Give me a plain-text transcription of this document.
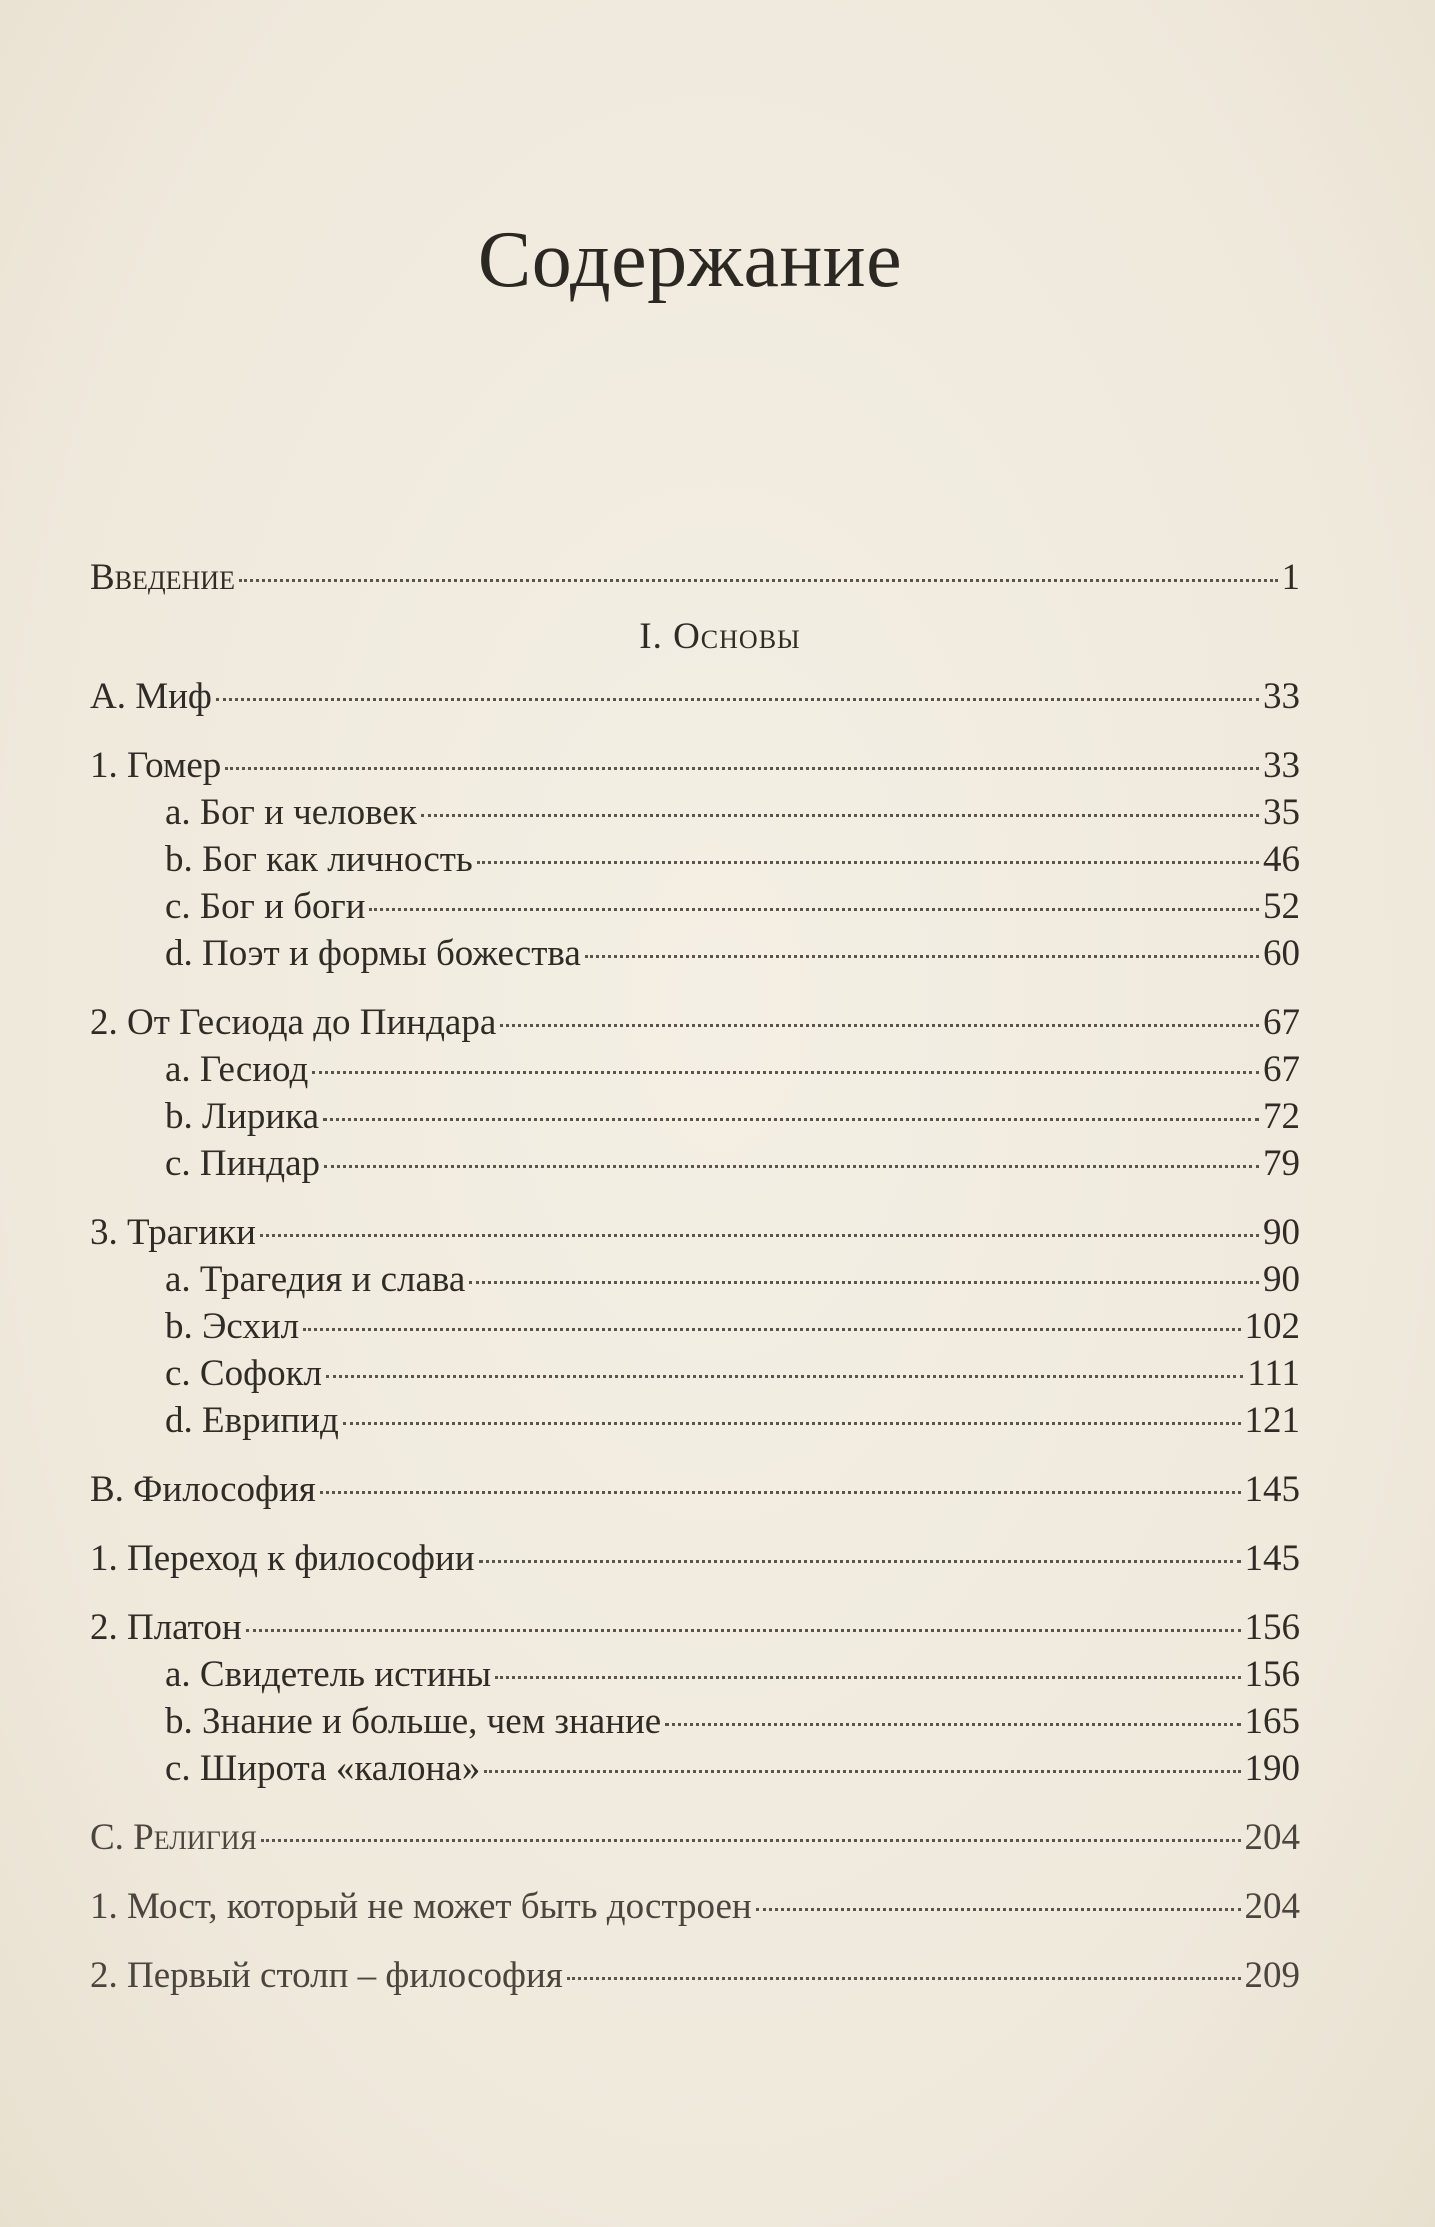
Содержание
Введение	1
I. Основы
A. Миф	33
1. Гомер	33
a. Бог и человек	35
b. Бог как личность	46
c. Бог и боги	52
d. Поэт и формы божества	60
2. От Гесиода до Пиндара	67
a. Гесиод	67
b. Лирика	72
c. Пиндар	79
3. Трагики	90
a. Трагедия и слава	90
b. Эсхил	102
c. Софокл	111
d. Еврипид	121
B. Философия	145
1. Переход к философии	145
2. Платон	156
a. Свидетель истины	156
b. Знание и больше, чем знание	165
c. Широта «калона»	190
C. Религия	204
1. Мост, который не может быть достроен	204
2. Первый столп – философия	209
